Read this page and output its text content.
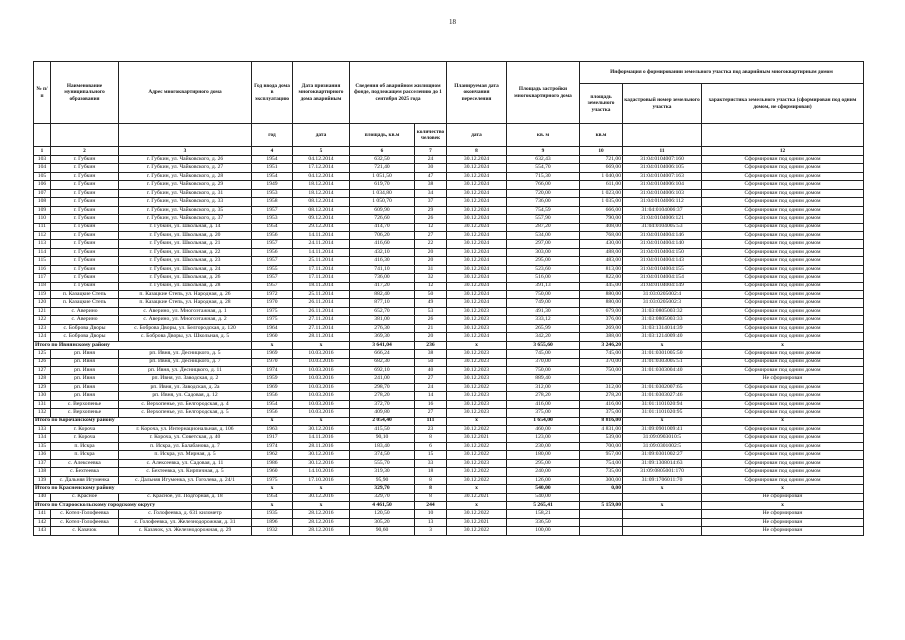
18
№ п/п	Наименование муниципального образования	Адрес многоквартирного дома	Год ввода дома в эксплуатацию	Дата признания многоквартирного дома аварийным	Сведения об аварийном жилищном фонде, подлежащем расселению до 1 сентября 2025 года		Планируемая дата окончания переселения	Площадь застройки многоквартирного дома	Информация о формировании земельного участка под аварийным многоквартирным домом		
									площадь земельного участка	кадастровый номер земельного участка	характеристика земельного участка (сформирован под одним домом, не сформирован)
			год	дата	площадь, кв.м	количество человек	дата	кв. м	кв.м		
1	2	3	4	5	6	7	8	9	10	11	12
103	г. Губкин	г. Губкин, ул. Чайковского, д. 26	1954	04.12.2014	632,50	24	30.12.2024	632,43	721,00	31:04:0104007:160	Сформирован под одним домом
104	г. Губкин	г. Губкин, ул. Чайковского, д. 27	1951	17.12.2014	721,40	30	30.12.2024	554,70	669,00	31:04:0104006:105	Сформирован под одним домом
105	г. Губкин	г. Губкин, ул. Чайковского, д. 28	1954	04.12.2014	1 051,50	47	30.12.2024	715,30	1 040,00	31:04:0104007:163	Сформирован под одним домом
106	г. Губкин	г. Губкин, ул. Чайковского, д. 29	1949	18.12.2014	619,70	38	30.12.2024	766,00	611,00	31:04:0104006:104	Сформирован под одним домом
107	г. Губкин	г. Губкин, ул. Чайковского, д. 31	1953	18.12.2014	1 034,80	34	30.12.2024	720,00	1 023,00	31:04:0104006:103	Сформирован под одним домом
108	г. Губкин	г. Губкин, ул. Чайковского, д. 33	1958	08.12.2014	1 050,70	37	30.12.2024	736,00	1 035,00	31:04:0104006:112	Сформирован под одним домом
109	г. Губкин	г. Губкин, ул. Чайковского, д. 35	1957	08.12.2014	609,90	29	30.12.2024	754,59	666,00	31:04:0104006:37	Сформирован под одним домом
110	г. Губкин	г. Губкин, ул. Чайковского, д. 37	1953	09.12.2014	726,60	26	30.12.2024	557,90	790,00	31:04:0104006:121	Сформирован под одним домом
111	г. Губкин	г. Губкин, ул. Школьная, д. 14	1954	29.12.2014	414,70	12	30.12.2024	287,20	408,00	31:04:0104005:53	Сформирован под одним домом
112	г. Губкин	г. Губкин, ул. Школьная, д. 20	1956	14.11.2014	706,20	27	30.12.2024	534,00	768,00	31:04:0104004:146	Сформирован под одним домом
113	г. Губкин	г. Губкин, ул. Школьная, д. 21	1957	24.11.2014	416,60	22	30.12.2024	297,00	430,00	31:04:0104004:140	Сформирован под одним домом
114	г. Губкин	г. Губкин, ул. Школьная, д. 22	1956	14.11.2014	432,10	20	30.12.2024	303,00	488,00	31:04:0104004:150	Сформирован под одним домом
115	г. Губкин	г. Губкин, ул. Школьная, д. 23	1957	25.11.2014	416,30	20	30.12.2024	295,00	483,00	31:04:0104004:143	Сформирован под одним домом
116	г. Губкин	г. Губкин, ул. Школьная, д. 24	1955	17.11.2014	741,10	31	30.12.2024	523,60	813,00	31:04:0104004:155	Сформирован под одним домом
117	г. Губкин	г. Губкин, ул. Школьная, д. 26	1957	17.11.2014	736,00	32	30.12.2024	516,00	822,00	31:04:0104004:154	Сформирован под одним домом
118	г. Губкин	г. Губкин, ул. Школьная, д. 28	1957	18.11.2014	417,20	12	30.12.2024	391,13	445,00	31:04:0104004:149	Сформирован под одним домом
119	п. Казацкие Степь	п. Казацкие Степь, ул. Народная, д. 26	1972	25.11.2014	882,40	50	30.12.2024	750,00	880,00	31:03:0205002:4	Сформирован под одним домом
120	п. Казацкие Степь	п. Казацкие Степь, ул. Народная, д. 28	1970	26.11.2014	877,10	49	30.12.2024	749,00	880,00	31:03:0205002:3	Сформирован под одним домом
121	с. Аверино	с. Аверино, ул. Многоэтажная, д. 1	1975	26.11.2014	652,70	53	30.12.2023	491,30	679,00	31:03:0805003:32	Сформирован под одним домом
122	с. Аверино	с. Аверино, ул. Многоэтажная, д. 2	1975	27.11.2014	381,00	26	30.12.2023	333,12	376,00	31:03:0805003:33	Сформирован под одним домом
123	с. Боброва Дворы	с. Боброва Дворы, ул. Белгородская, д. 120	1964	27.11.2014	276,30	21	30.12.2023	265,99	269,00	31:03:1314014:39	Сформирован под одним домом
124	с. Боброва Дворы	с. Боброва Дворы, ул. Школьная, д. 5	1960	28.11.2014	369,30	20	30.12.2024	342,20	388,00	31:03:1214009:40	Сформирован под одним домом
Итого по Ивнянскому району			x	x	3 641,04	236	x	3 655,60	3 246,20	x	x
125	рп. Ивня	рп. Ивня, ул. Десницкого, д. 5	1969	10.03.2016	666,24	38	30.12.2023	745,00	745,00	31:01:0301005:50	Сформирован под одним домом
126	рп. Ивня	рп. Ивня, ул. Десницкого, д. 7	1970	10.03.2016	682,30	50	30.12.2023	370,00	370,00	31:01:0303005:51	Сформирован под одним домом
127	рп. Ивня	рп. Ивня, ул. Десницкого, д. 11	1974	10.03.2016	692,10	40	30.12.2023	750,00	750,00	31:01:0303004:40	Сформирован под одним домом
128	рп. Ивня	рп. Ивня, ул. Заводская, д. 2	1959	10.03.2016	241,00	27	30.12.2023	889,40			Не сформирован
129	рп. Ивня	рп. Ивня, ул. Заводская, д. 2а	1969	10.03.2016	298,70	24	30.12.2022	312,00	312,00	31:01:0302007:65	Сформирован под одним домом
130	рп. Ивня	рп. Ивня, ул. Садовая, д. 12	1956	10.03.2016	278,20	14	30.12.2023	278,20	278,20	31:01:0303027:46	Сформирован под одним домом
131	с. Верхопенье	с. Верхопенье, ул. Белгородская, д. 4	1954	10.03.2016	372,70	16	30.12.2023	416,00	416,00	31:01:1101020:94	Сформирован под одним домом
132	с. Верхопенье	с. Верхопенье, ул. Белгородская, д. 5	1956	10.03.2016	409,80	27	30.12.2023	375,00	375,00	31:01:1101020:95	Сформирован под одним домом
Итого по Корочанскому району			x	x	2 054,40	111	x	1 654,00	8 816,00	x	x
133	г. Короча	г. Короча, ул. Интернациональная, д. 106	1963	30.12.2016	415,50	23	30.12.2022	460,00	4 831,00	31:09:0901009:41	Сформирован под одним домом
134	г. Короча	г. Короча, ул. Советская, д. 40	1917	14.11.2016	90,10	8	30.12.2021	123,00	539,00	31:09:0903010:5	Сформирован под одним домом
135	п. Искра	п. Искра, ул. Балабанова, д. 7	1974	28.11.2016	183,40	6	30.12.2022	230,00	700,00	31:09:0301002:5	Сформирован под одним домом
136	п. Искра	п. Искра, ул. Мирная, д. 5	1962	30.12.2016	374,50	15	30.12.2022	180,00	957,00	31:09:0301002:27	Сформирован под одним домом
137	с. Алексеевка	с. Алексеевка, ул. Садовая, д. 11	1986	30.12.2016	555,70	33	30.12.2023	295,00	754,00	31:09:1308014:63	Сформирован под одним домом
138	с. Бехтеевка	с. Бехтеевка, ул. Кирпичная, д. 5	1960	14.10.2016	319,30	18	30.12.2022	240,00	735,00	31:09:0805001:170	Сформирован под одним домом
139	с. Дальняя Игуменка	с. Дальняя Игуменка, ул. Гоголева, д. 24/1	1975	17.10.2016	95,90	8	30.12.2022	126,00	300,00	31:09:1706011:70	Сформирован под одним домом
Итого по Красненскому району			x	x	329,70	8	x	540,00	0,00	x	x
140	с. Красное	с. Красное, ул. Подгорная, д. 18	1954	30.12.2016	329,70	8	30.12.2021	540,00			Не сформирован
Итого по Старооскольскому городскому округу			x	x	4 461,50	244	x	5 265,41	5 159,00	x	x
141	с. Котел-Голофеевка	с. Голофеевка, д. 631 километр	1935	28.12.2016	120,50	10	30.12.2022	158,21			Не сформирован
142	с. Котел-Голофеевка	с. Голофеевка, ул. Железнодорожная, д. 31	1896	28.12.2016	305,20	13	30.12.2021	336,50			Не сформирован
143	с. Казачок	с. Казачок, ул. Железнодорожная, д. 29	1932	28.12.2016	90,60	3	30.12.2022	100,00			Не сформирован
